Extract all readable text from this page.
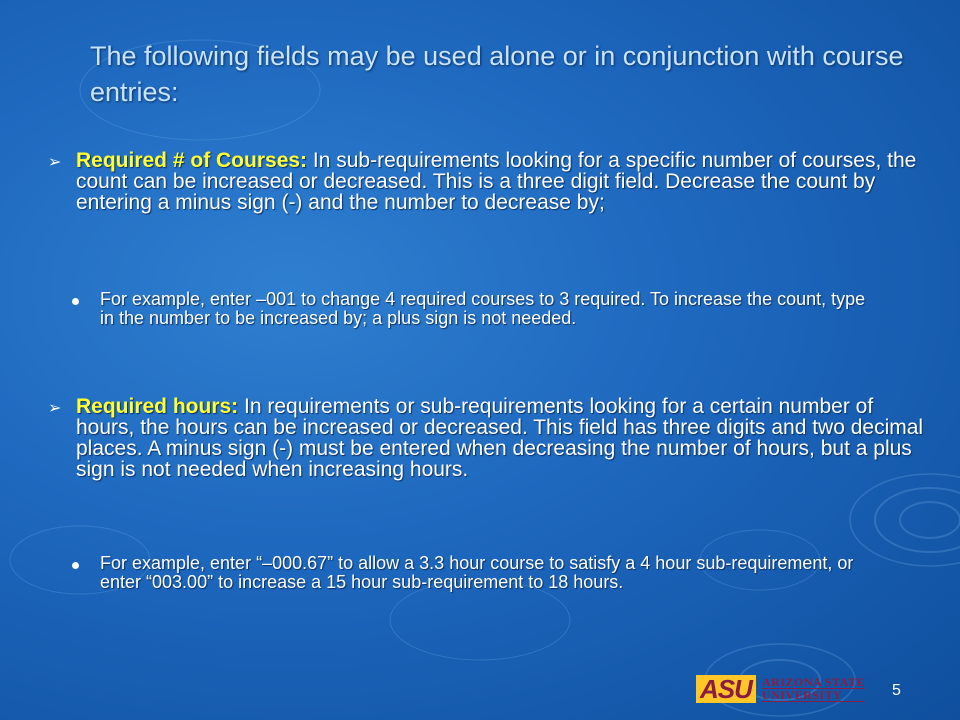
The following fields may be used alone or in conjunction with course entries:
➢ Required # of Courses: In sub-requirements looking for a specific number of courses, the count can be increased or decreased. This is a three digit field. Decrease the count by entering a minus sign (-) and the number to decrease by;
For example, enter –001 to change 4 required courses to 3 required. To increase the count, type in the number to be increased by; a plus sign is not needed.
➢ Required hours: In requirements or sub-requirements looking for a certain number of hours, the hours can be increased or decreased. This field has three digits and two decimal places. A minus sign (-) must be entered when decreasing the number of hours, but a plus sign is not needed when increasing hours.
For example, enter “–000.67” to allow a 3.3 hour course to satisfy a 4 hour sub-requirement, or enter “003.00” to increase a 15 hour sub-requirement to 18 hours.
ASU ARIZONA STATE
UNIVERSITY	5
